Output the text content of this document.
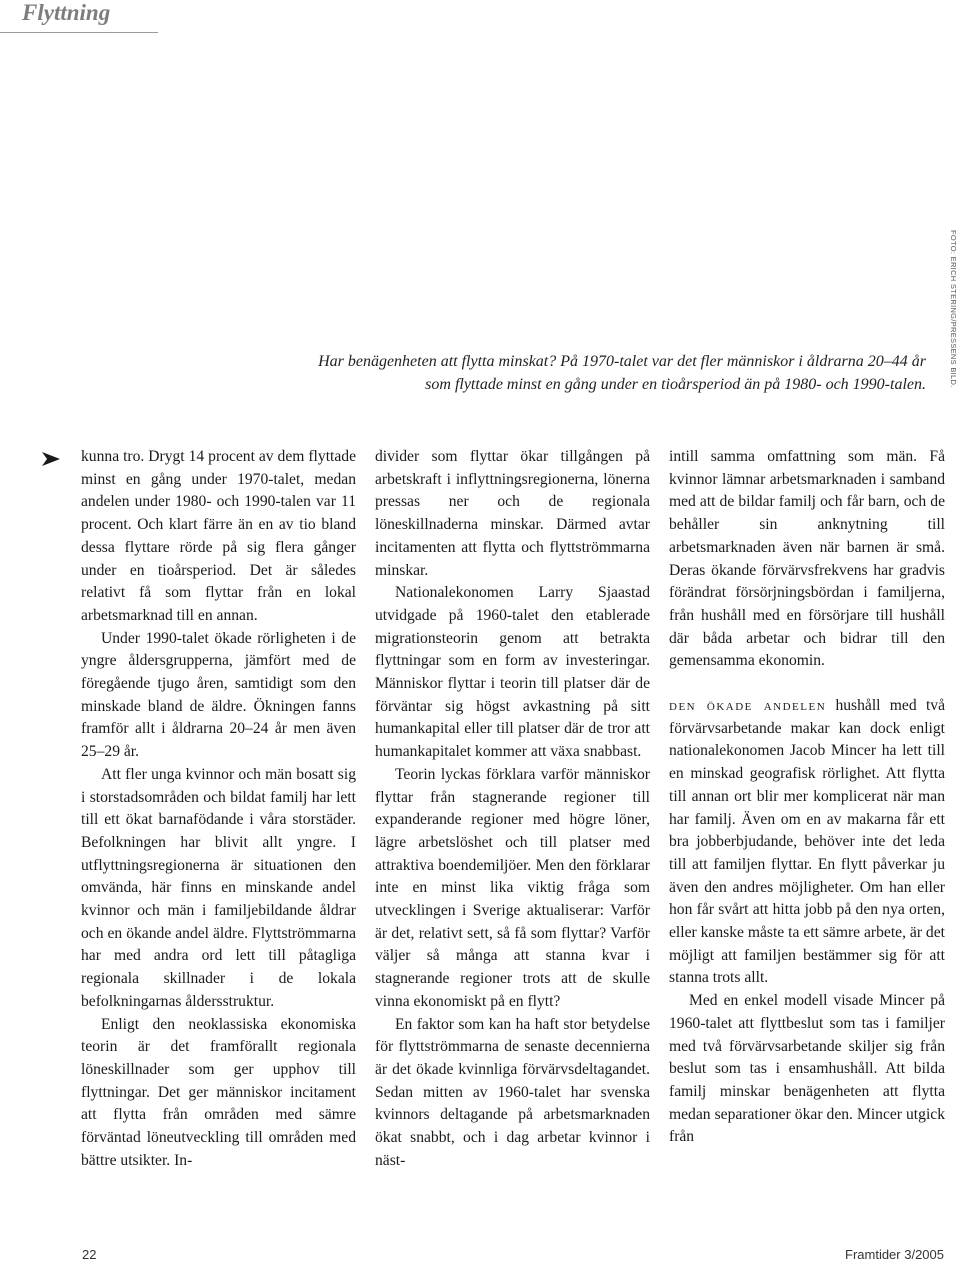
Flyttning

FOTO: ERICH STERING/PRESSENS BILD.

Har benägenheten att flytta minskat? På 1970-talet var det fler människor i åldrarna 20–44 år

som flyttade minst en gång under en tioårsperiod än på 1980- och 1990-talen.

kunna tro. Drygt 14 procent av dem flyttade minst en gång under 1970-talet, medan andelen under 1980- och 1990-talen var 11 procent. Och klart färre än en av tio bland dessa flyttare rörde på sig flera gånger under en tioårsperiod. Det är således relativt få som flyttar från en lokal arbetsmarknad till en annan.

Under 1990-talet ökade rörligheten i de yngre åldersgrupperna, jämfört med de föregående tjugo åren, samtidigt som den minskade bland de äldre. Ökningen fanns framför allt i åldrarna 20–24 år men även 25–29 år.

Att fler unga kvinnor och män bosatt sig i storstadsområden och bildat familj har lett till ett ökat barnafödande i våra storstäder. Befolkningen har blivit allt yngre. I utflyttningsregionerna är situationen den omvända, här finns en minskande andel kvinnor och män i familjebildande åldrar och en ökande andel äldre. Flyttströmmarna har med andra ord lett till påtagliga regionala skillnader i de lokala befolkningarnas åldersstruktur.

Enligt den neoklassiska ekonomiska teorin är det framförallt regionala löneskillnader som ger upphov till flyttningar. Det ger människor incitament att flytta från områden med sämre förväntad löneutveckling till områden med bättre utsikter. In-

divider som flyttar ökar tillgången på arbetskraft i inflyttningsregionerna, lönerna pressas ner och de regionala löneskillnaderna minskar. Därmed avtar incitamenten att flytta och flyttströmmarna minskar.

Nationalekonomen Larry Sjaastad utvidgade på 1960-talet den etablerade migrationsteorin genom att betrakta flyttningar som en form av investeringar. Människor flyttar i teorin till platser där de förväntar sig högst avkastning på sitt humankapital eller till platser där de tror att humankapitalet kommer att växa snabbast.

Teorin lyckas förklara varför människor flyttar från stagnerande regioner till expanderande regioner med högre löner, lägre arbetslöshet och till platser med attraktiva boendemiljöer. Men den förklarar inte en minst lika viktig fråga som utvecklingen i Sverige aktualiserar: Varför är det, relativt sett, så få som flyttar? Varför väljer så många att stanna kvar i stagnerande regioner trots att de skulle vinna ekonomiskt på en flytt?

En faktor som kan ha haft stor betydelse för flyttströmmarna de senaste decennierna är det ökade kvinnliga förvärvsdeltagandet. Sedan mitten av 1960-talet har svenska kvinnors deltagande på arbetsmarknaden ökat snabbt, och i dag arbetar kvinnor i näst-

intill samma omfattning som män. Få kvinnor lämnar arbetsmarknaden i samband med att de bildar familj och får barn, och de behåller sin anknytning till arbetsmarknaden även när barnen är små. Deras ökande förvärvsfrekvens har gradvis förändrat försörjningsbördan i familjerna, från hushåll med en försörjare till hushåll där båda arbetar och bidrar till den gemensamma ekonomin.

den ökade andelen hushåll med två förvärvsarbetande makar kan dock enligt nationalekonomen Jacob Mincer ha lett till en minskad geografisk rörlighet. Att flytta till annan ort blir mer komplicerat när man har familj. Även om en av makarna får ett bra jobberbjudande, behöver inte det leda till att familjen flyttar. En flytt påverkar ju även den andres möjligheter. Om han eller hon får svårt att hitta jobb på den nya orten, eller kanske måste ta ett sämre arbete, är det möjligt att familjen bestämmer sig för att stanna trots allt.

Med en enkel modell visade Mincer på 1960-talet att flyttbeslut som tas i familjer med två förvärvsarbetande skiljer sig från beslut som tas i ensamhushåll. Att bilda familj minskar benägenheten att flytta medan separationer ökar den. Mincer utgick från

22	Framtider 3/2005
